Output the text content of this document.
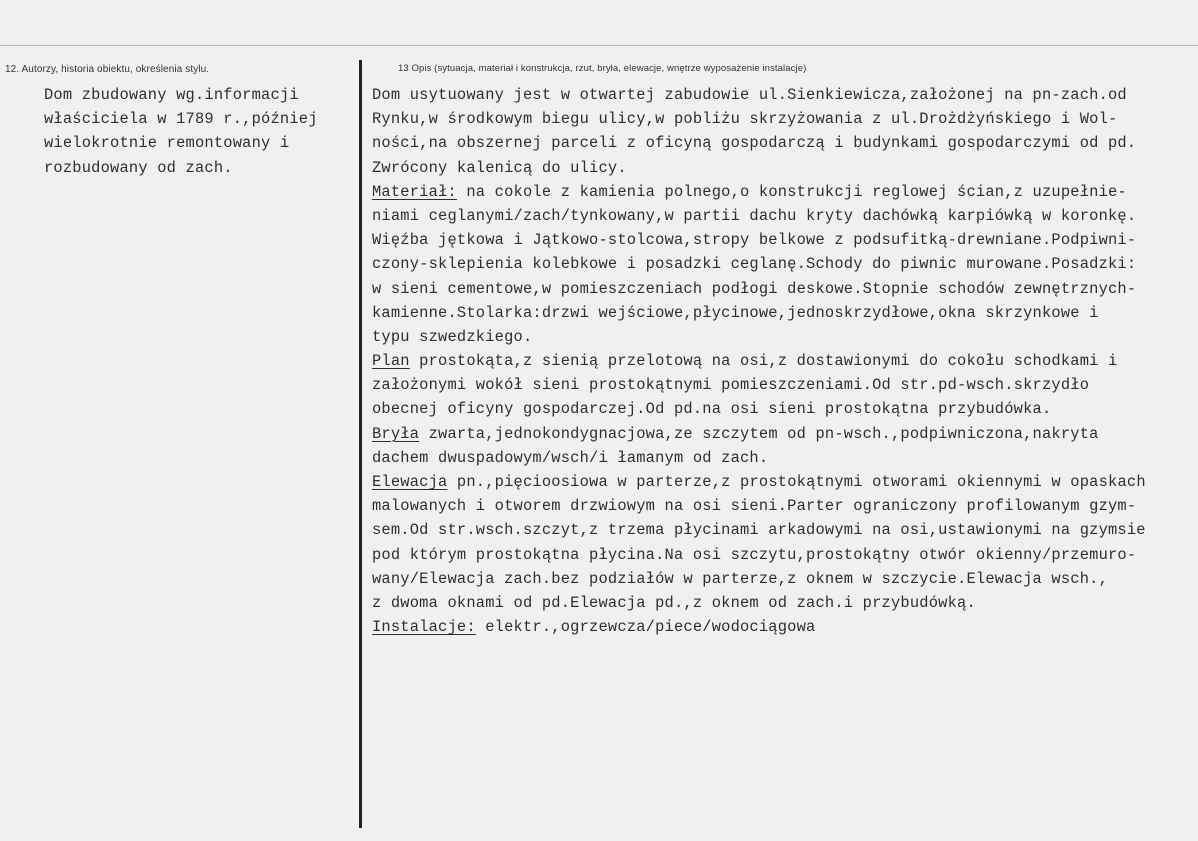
12. Autorzy, historia obiektu, określenia stylu.	13 Opis (sytuacja, materiał i konstrukcja, rzut, bryła, elewacje, wnętrze wyposażenie instalacje)
Dom zbudowany wg.informacji
właściciela w 1789 r.,później
wielokrotnie remontowany i
rozbudowany od zach.
Dom usytuowany jest w otwartej zabudowie ul.Sienkiewicza,założonej na pn-zach.od
Rynku,w środkowym biegu ulicy,w pobliżu skrzyżowania z ul.Drożdżyńskiego i Wol-
ności,na obszernej parceli z oficyną gospodarczą i budynkami gospodarczymi od pd.
Zwrócony kalenicą do ulicy.
Materiał: na cokole z kamienia polnego,o konstrukcji reglowej ścian,z uzupełnie-
niami ceglanymi/zach/tynkowany,w partii dachu kryty dachówką karpiówką w koronkę.
Więźba jętkowa i Jątkowo-stolcowa,stropy belkowe z podsufitką-drewniane.Podpiwni-
czony-sklepienia kolebkowe i posadzki ceglanę.Schody do piwnic murowane.Posadzki:
w sieni cementowe,w pomieszczeniach podłogi deskowe.Stopnie schodów zewnętrznych-
kamienne.Stolarka:drzwi wejściowe,płycinowe,jednoskrzydłowe,okna skrzynkowe i
typu szwedzkiego.
Plan prostokąta,z sienią przelotową na osi,z dostawionymi do cokołu schodkami i
założonymi wokół sieni prostokątnymi pomieszczeniami.Od str.pd-wsch.skrzydło
obecnej oficyny gospodarczej.Od pd.na osi sieni prostokątna przybudówka.
Bryła zwarta,jednokondygnacjowa,ze szczytem od pn-wsch.,podpiwniczona,nakryta
dachem dwuspadowym/wsch/i łamanym od zach.
Elewacja pn.,pięcioosiowa w parterze,z prostokątnymi otworami okiennymi w opaskach
malowanych i otworem drzwiowym na osi sieni.Parter ograniczony profilowanym gzym-
sem.Od str.wsch.szczyt,z trzema płycinami arkadowymi na osi,ustawionymi na gzymsie
pod którym prostokątna płycina.Na osi szczytu,prostokątny otwór okienny/przemuro-
wany/Elewacja zach.bez podziałów w parterze,z oknem w szczycie.Elewacja wsch.,
z dwoma oknami od pd.Elewacja pd.,z oknem od zach.i przybudówką.
Instalacje: elektr.,ogrzewcza/piece/wodociągowa
